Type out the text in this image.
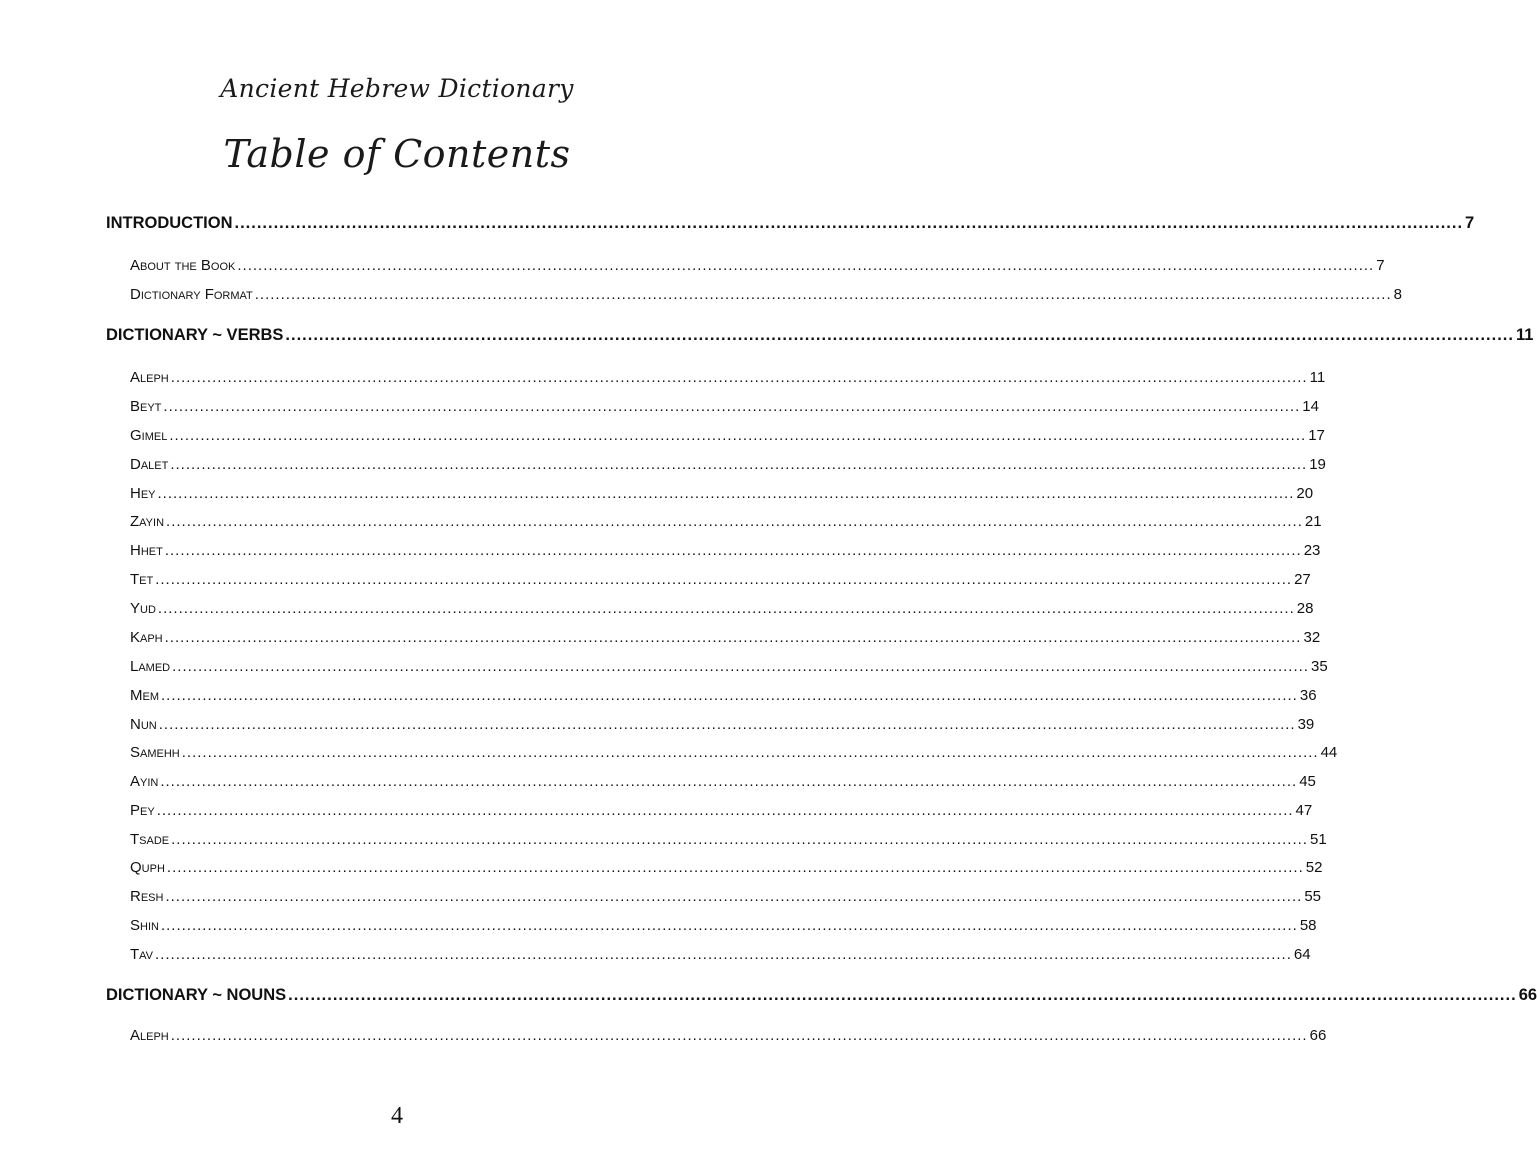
Ancient Hebrew Dictionary
Table of Contents
INTRODUCTION ............................................................................................................................................................................................................................ 7
About the Book ............................................................................................................................................................................................................................ 7
Dictionary Format ............................................................................................................................................................................................................................ 8
DICTIONARY ~ VERBS ............................................................................................................................................................................................................................ 11
Aleph ............................................................................................................................................................................................................................ 11
Beyt ............................................................................................................................................................................................................................ 14
Gimel ............................................................................................................................................................................................................................ 17
Dalet ............................................................................................................................................................................................................................ 19
Hey ............................................................................................................................................................................................................................ 20
Zayin ............................................................................................................................................................................................................................ 21
Hhet ............................................................................................................................................................................................................................ 23
Tet ............................................................................................................................................................................................................................ 27
Yud ............................................................................................................................................................................................................................ 28
Kaph ............................................................................................................................................................................................................................ 32
Lamed ............................................................................................................................................................................................................................ 35
Mem ............................................................................................................................................................................................................................ 36
Nun ............................................................................................................................................................................................................................ 39
Samehh ............................................................................................................................................................................................................................ 44
Ayin ............................................................................................................................................................................................................................ 45
Pey ............................................................................................................................................................................................................................ 47
Tsade ............................................................................................................................................................................................................................ 51
Quph ............................................................................................................................................................................................................................ 52
Resh ............................................................................................................................................................................................................................ 55
Shin ............................................................................................................................................................................................................................ 58
Tav ............................................................................................................................................................................................................................ 64
DICTIONARY ~ NOUNS ............................................................................................................................................................................................................................ 66
Aleph ............................................................................................................................................................................................................................ 66
4
